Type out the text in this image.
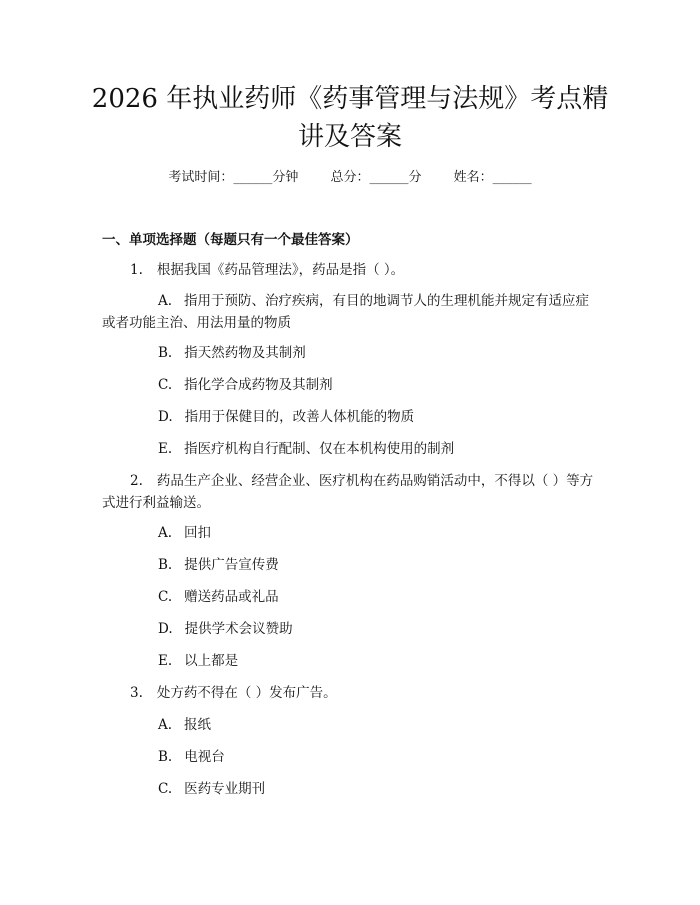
2026 年执业药师《药事管理与法规》考点精
讲及答案
考试时间：______分钟 总分：______分 姓名：______
一、单项选择题（每题只有一个最佳答案）

1. 根据我国《药品管理法》，药品是指（ ）。

A. 指用于预防、治疗疾病，有目的地调节人的生理机能并规定有适应症或者功能主治、用法用量的物质

B. 指天然药物及其制剂

C. 指化学合成药物及其制剂

D. 指用于保健目的，改善人体机能的物质

E. 指医疗机构自行配制、仅在本机构使用的制剂

2. 药品生产企业、经营企业、医疗机构在药品购销活动中，不得以（ ）等方式进行利益输送。

A. 回扣

B. 提供广告宣传费

C. 赠送药品或礼品

D. 提供学术会议赞助

E. 以上都是

3. 处方药不得在（ ）发布广告。

A. 报纸

B. 电视台

C. 医药专业期刊
